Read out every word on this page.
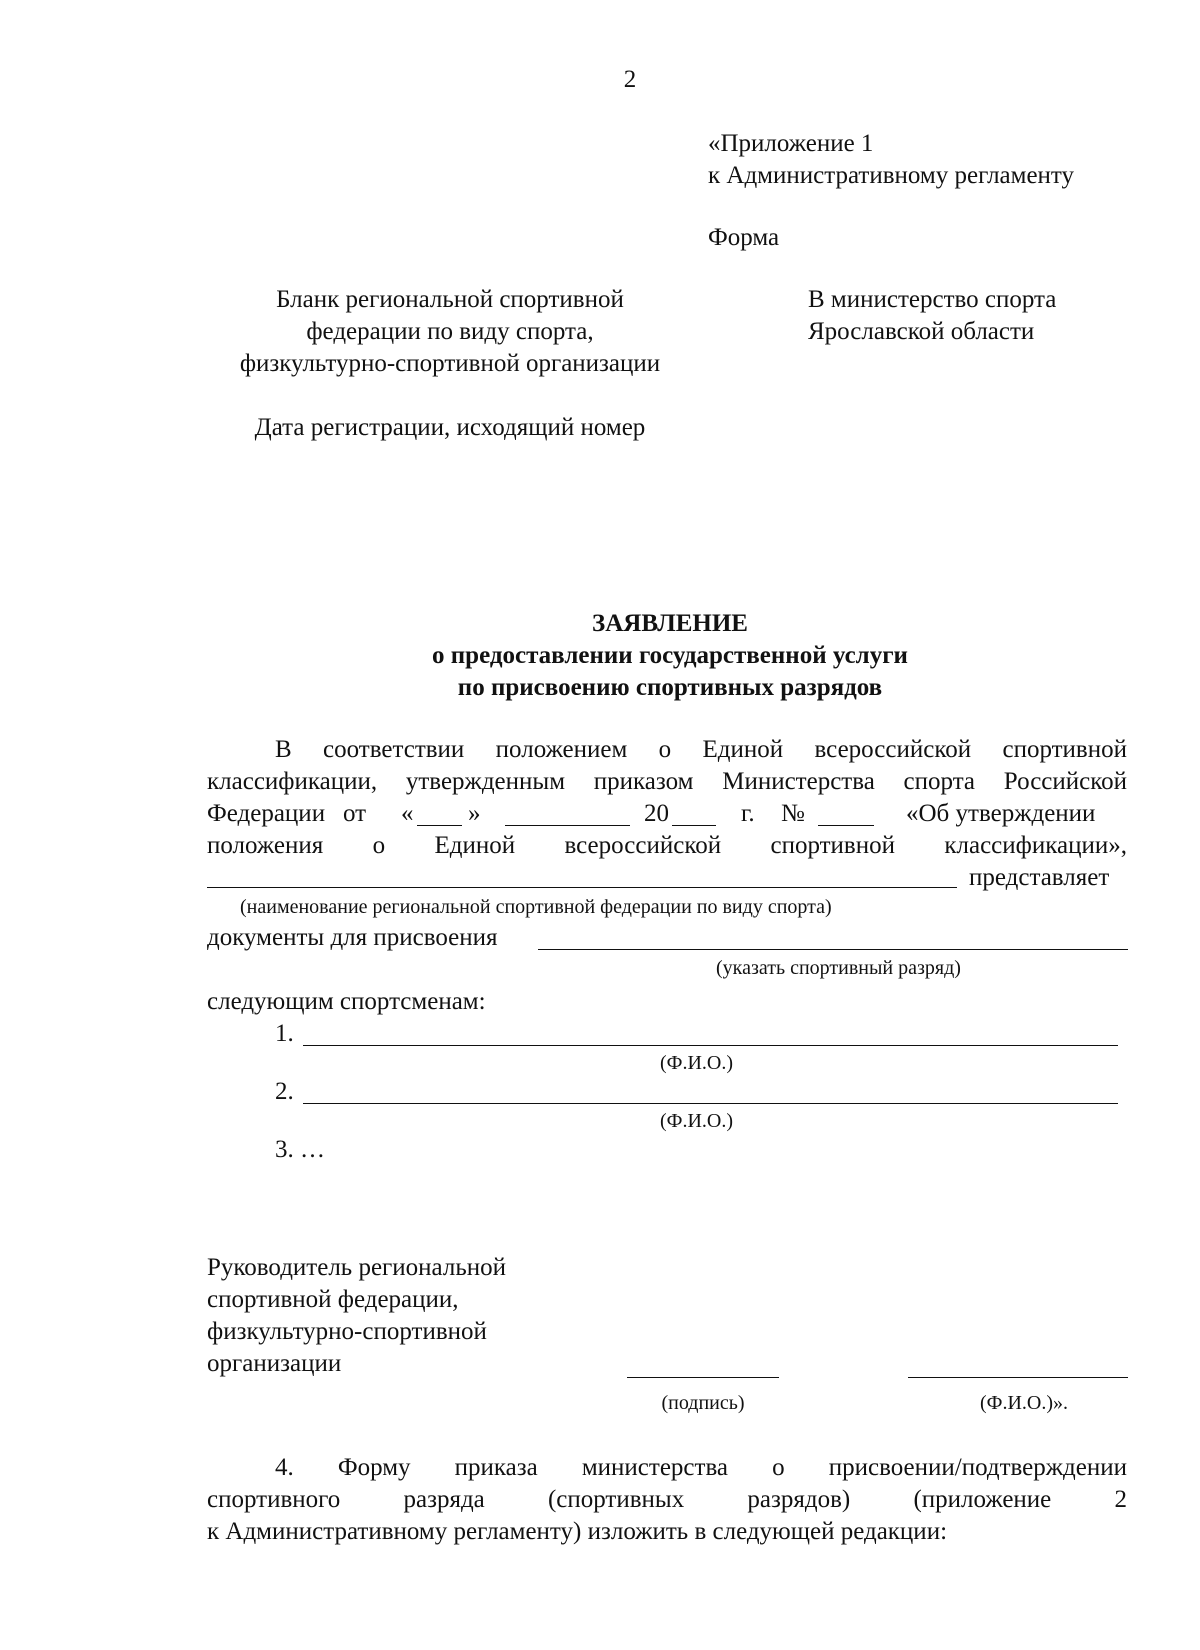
2
«Приложение 1
к Административному регламенту
Форма
Бланк региональной спортивной
федерации по виду спорта,
физкультурно-спортивной организации
Дата регистрации, исходящий номер
В министерство спорта
Ярославской области
ЗАЯВЛЕНИЕ
о предоставлении государственной услуги
по присвоению спортивных разрядов
В соответствии положением о Единой всероссийской спортивной
классификации, утвержденным приказом Министерства спорта Российской
Федерации от « »	20	г. №	«Об утверждении
положения о Единой всероссийской спортивной классификации»,
представляет
(наименование региональной спортивной федерации по виду спорта)
документы для присвоения
(указать спортивный разряд)
следующим спортсменам:
1.
(Ф.И.О.)
2.
(Ф.И.О.)
3. …
Руководитель региональной
спортивной федерации,
физкультурно-спортивной
организации
(подпись)	(Ф.И.О.)».
4. Форму приказа министерства о присвоении/подтверждении
спортивного разряда (спортивных разрядов) (приложение 2
к Административному регламенту) изложить в следующей редакции:
